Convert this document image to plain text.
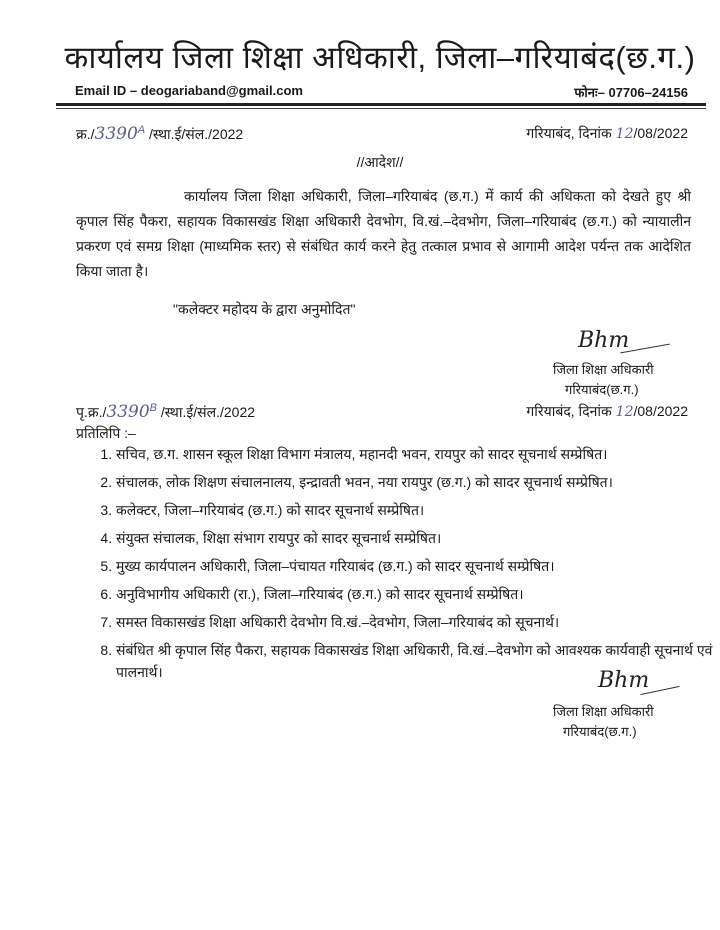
कार्यालय जिला शिक्षा अधिकारी, जिला–गरियाबंद(छ.ग.)
Email ID – deogariaband@gmail.com	फोनः– 07706–24156
$क्र./3390^A$ /स्था.ई/संल./2022	गरियाबंद, दिनांक 12/08/2022
//आदेश//
कार्यालय जिला शिक्षा अधिकारी, जिला–गरियाबंद (छ.ग.) में कार्य की अधिकता को देखते हुए श्री कृपाल सिंह पैकरा, सहायक विकासखंड शिक्षा अधिकारी देवभोग, वि.खं.–देवभोग, जिला–गरियाबंद (छ.ग.) को न्यायालीन प्रकरण एवं समग्र शिक्षा (माध्यमिक स्तर) से संबंधित कार्य करने हेतु तत्काल प्रभाव से आगामी आदेश पर्यन्त तक आदेशित किया जाता है।
"कलेक्टर महोदय के द्वारा अनुमोदित"
Bhm
जिला शिक्षा अधिकारी
गरियाबंद(छ.ग.)
$पृ.क्र./3390^B$ /स्था.ई/संल./2022	गरियाबंद, दिनांक 12/08/2022
प्रतिलिपि :–
1. सचिव, छ.ग. शासन स्कूल शिक्षा विभाग मंत्रालय, महानदी भवन, रायपुर को सादर सूचनार्थ सम्प्रेषित।
2. संचालक, लोक शिक्षण संचालनालय, इन्द्रावती भवन, नया रायपुर (छ.ग.) को सादर सूचनार्थ सम्प्रेषित।
3. कलेक्टर, जिला–गरियाबंद (छ.ग.) को सादर सूचनार्थ सम्प्रेषित।
4. संयुक्त संचालक, शिक्षा संभाग रायपुर को सादर सूचनार्थ सम्प्रेषित।
5. मुख्य कार्यपालन अधिकारी, जिला–पंचायत गरियाबंद (छ.ग.) को सादर सूचनार्थ सम्प्रेषित।
6. अनुविभागीय अधिकारी (रा.), जिला–गरियाबंद (छ.ग.) को सादर सूचनार्थ सम्प्रेषित।
7. समस्त विकासखंड शिक्षा अधिकारी देवभोग वि.खं.–देवभोग, जिला–गरियाबंद को सूचनार्थ।
8. संबंधित श्री कृपाल सिंह पैकरा, सहायक विकासखंड शिक्षा अधिकारी, वि.खं.–देवभोग को आवश्यक कार्यवाही सूचनार्थ एवं पालनार्थ।	Bhm
जिला शिक्षा अधिकारी
गरियाबंद(छ.ग.)
